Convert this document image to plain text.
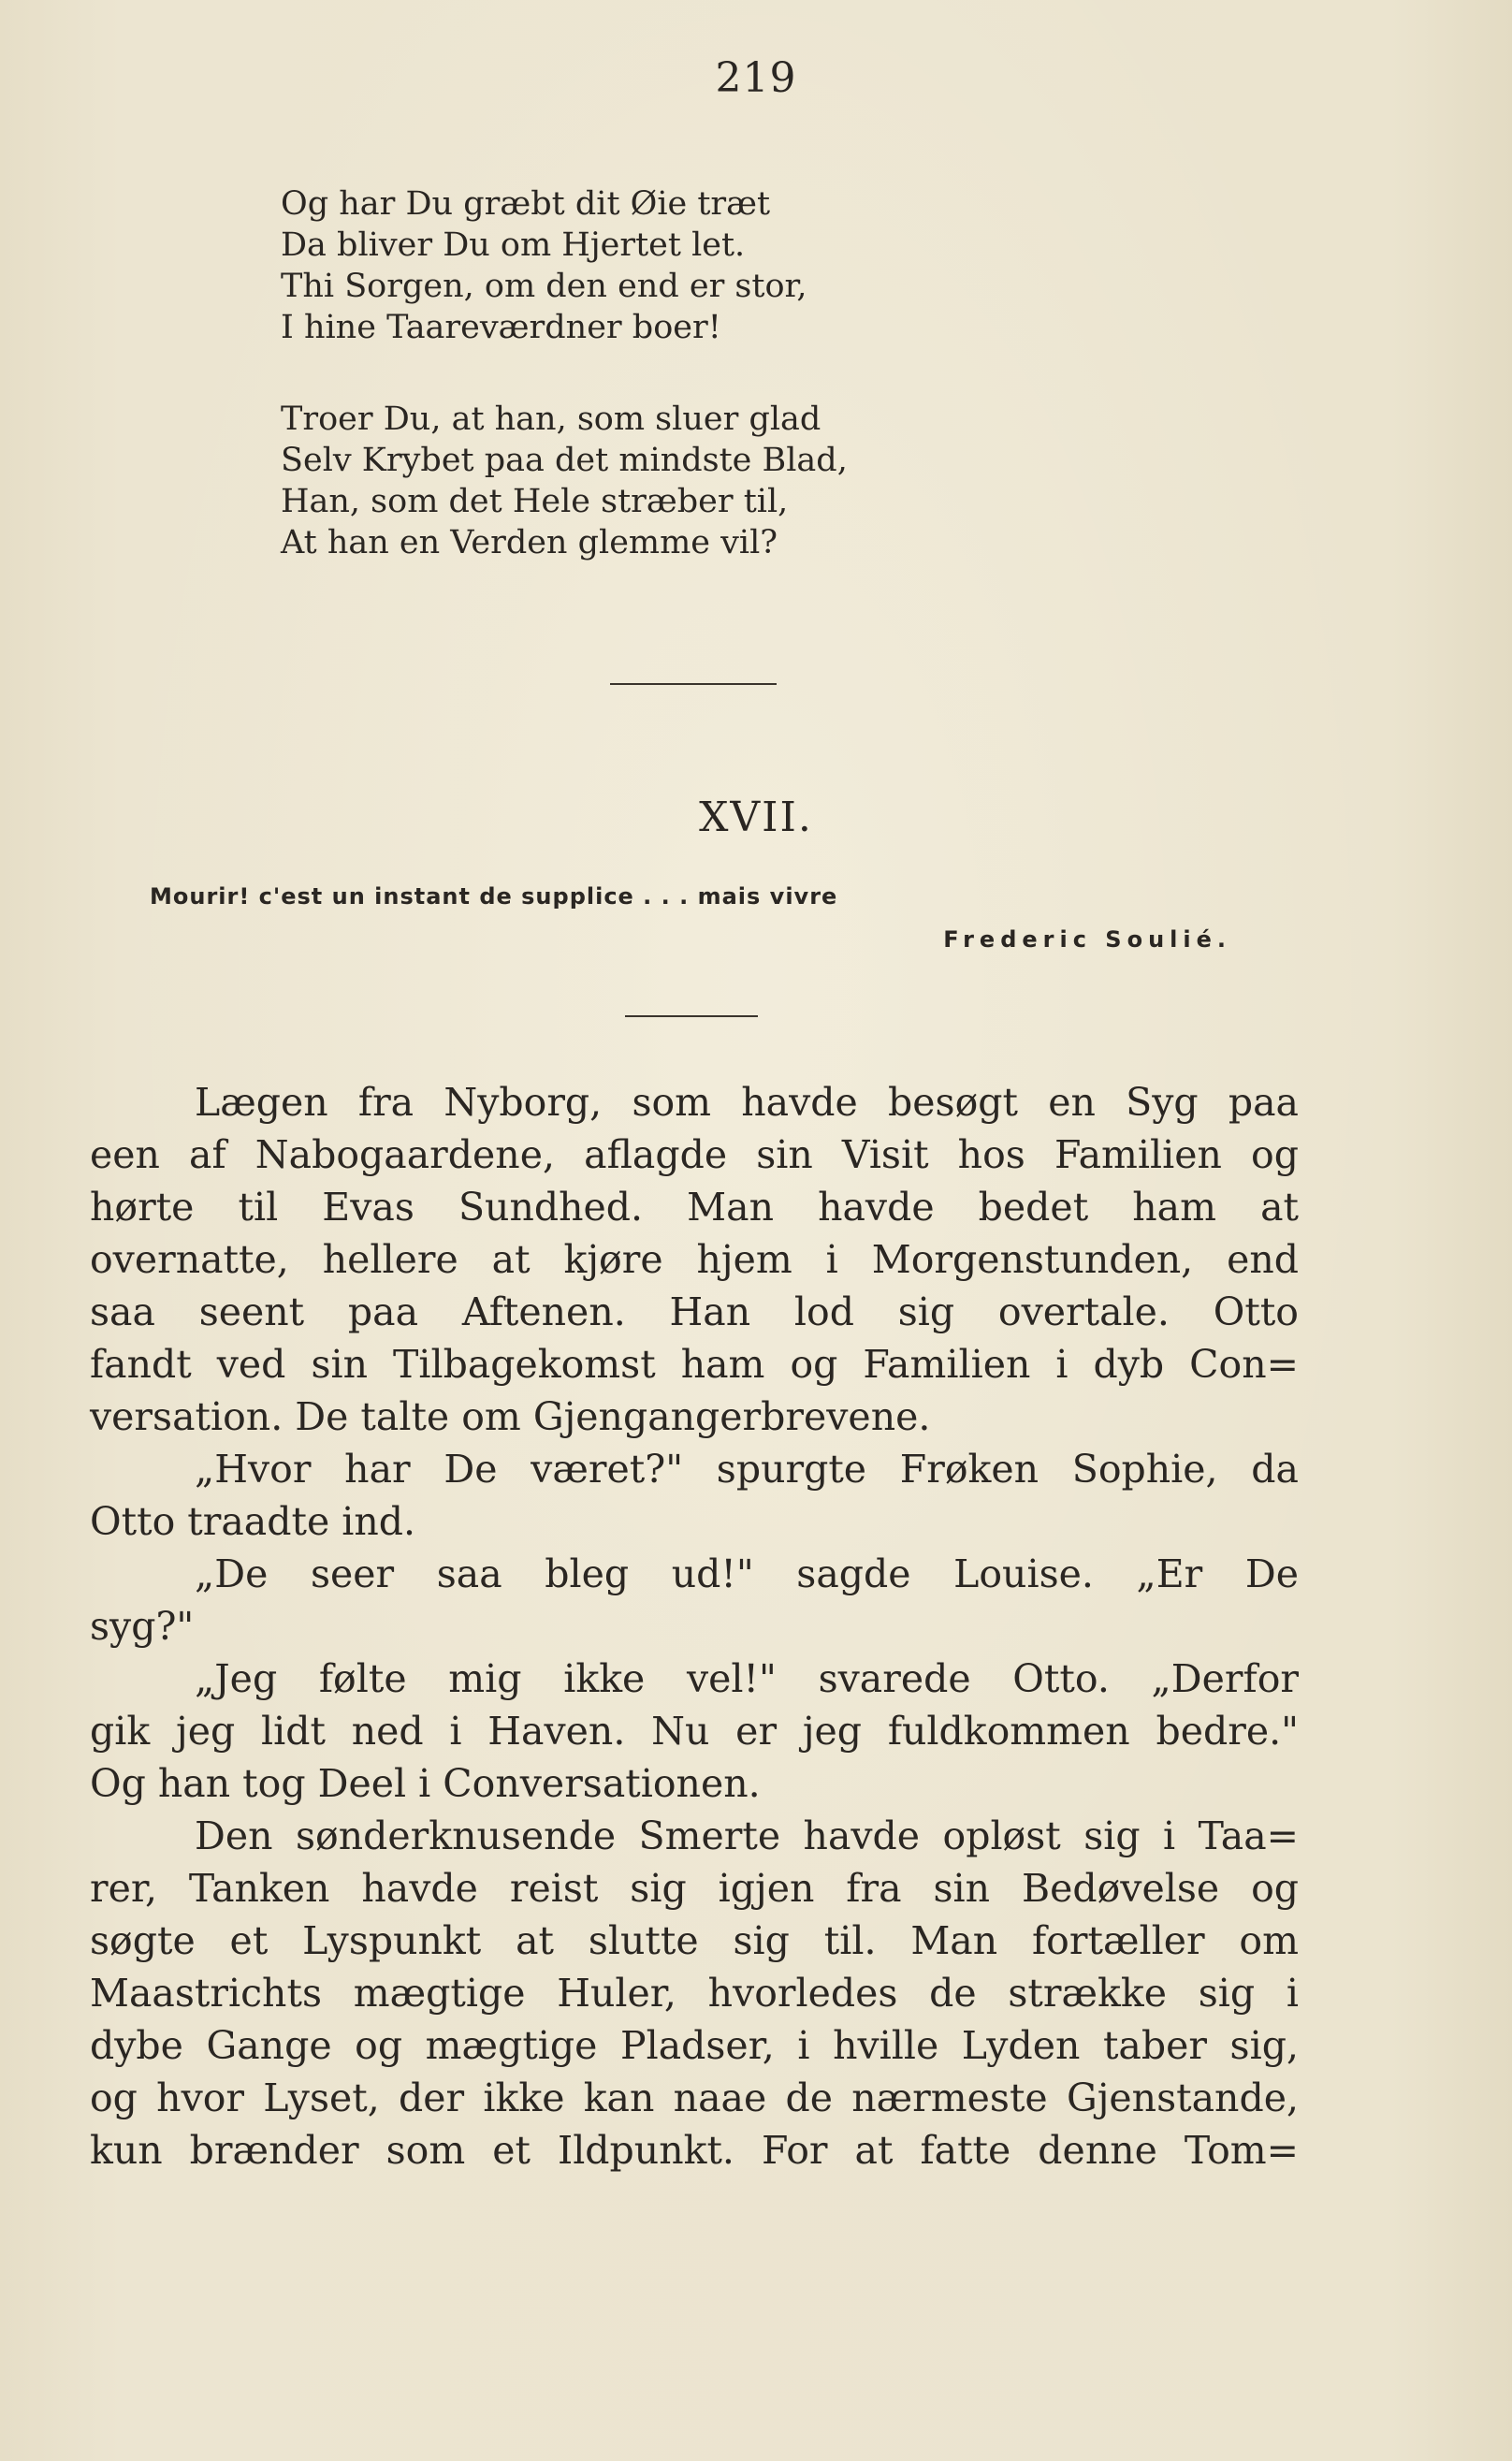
219
Og har Du græbt dit Øie træt
Da bliver Du om Hjertet let.
Thi Sorgen, om den end er stor,
I hine Taareværdner boer!
Troer Du, at han, som sluer glad
Selv Krybet paa det mindste Blad,
Han, som det Hele stræber til,
At han en Verden glemme vil?
XVII.
Mourir! c'est un instant de supplice . . . mais vivre
Frederic Soulié.
Lægen fra Nyborg, som havde besøgt en Syg paa
een af Nabogaardene, aflagde sin Visit hos Familien og
hørte til Evas Sundhed. Man havde bedet ham at
overnatte, hellere at kjøre hjem i Morgenstunden, end
saa seent paa Aftenen. Han lod sig overtale. Otto
fandt ved sin Tilbagekomst ham og Familien i dyb Con=
versation. De talte om Gjengangerbrevene.
„Hvor har De været?" spurgte Frøken Sophie, da
Otto traadte ind.
„De seer saa bleg ud!" sagde Louise. „Er De
syg?"
„Jeg følte mig ikke vel!" svarede Otto. „Derfor
gik jeg lidt ned i Haven. Nu er jeg fuldkommen bedre."
Og han tog Deel i Conversationen.
Den sønderknusende Smerte havde opløst sig i Taa=
rer, Tanken havde reist sig igjen fra sin Bedøvelse og
søgte et Lyspunkt at slutte sig til. Man fortæller om
Maastrichts mægtige Huler, hvorledes de strække sig i
dybe Gange og mægtige Pladser, i hville Lyden taber sig,
og hvor Lyset, der ikke kan naae de nærmeste Gjenstande,
kun brænder som et Ildpunkt. For at fatte denne Tom=
